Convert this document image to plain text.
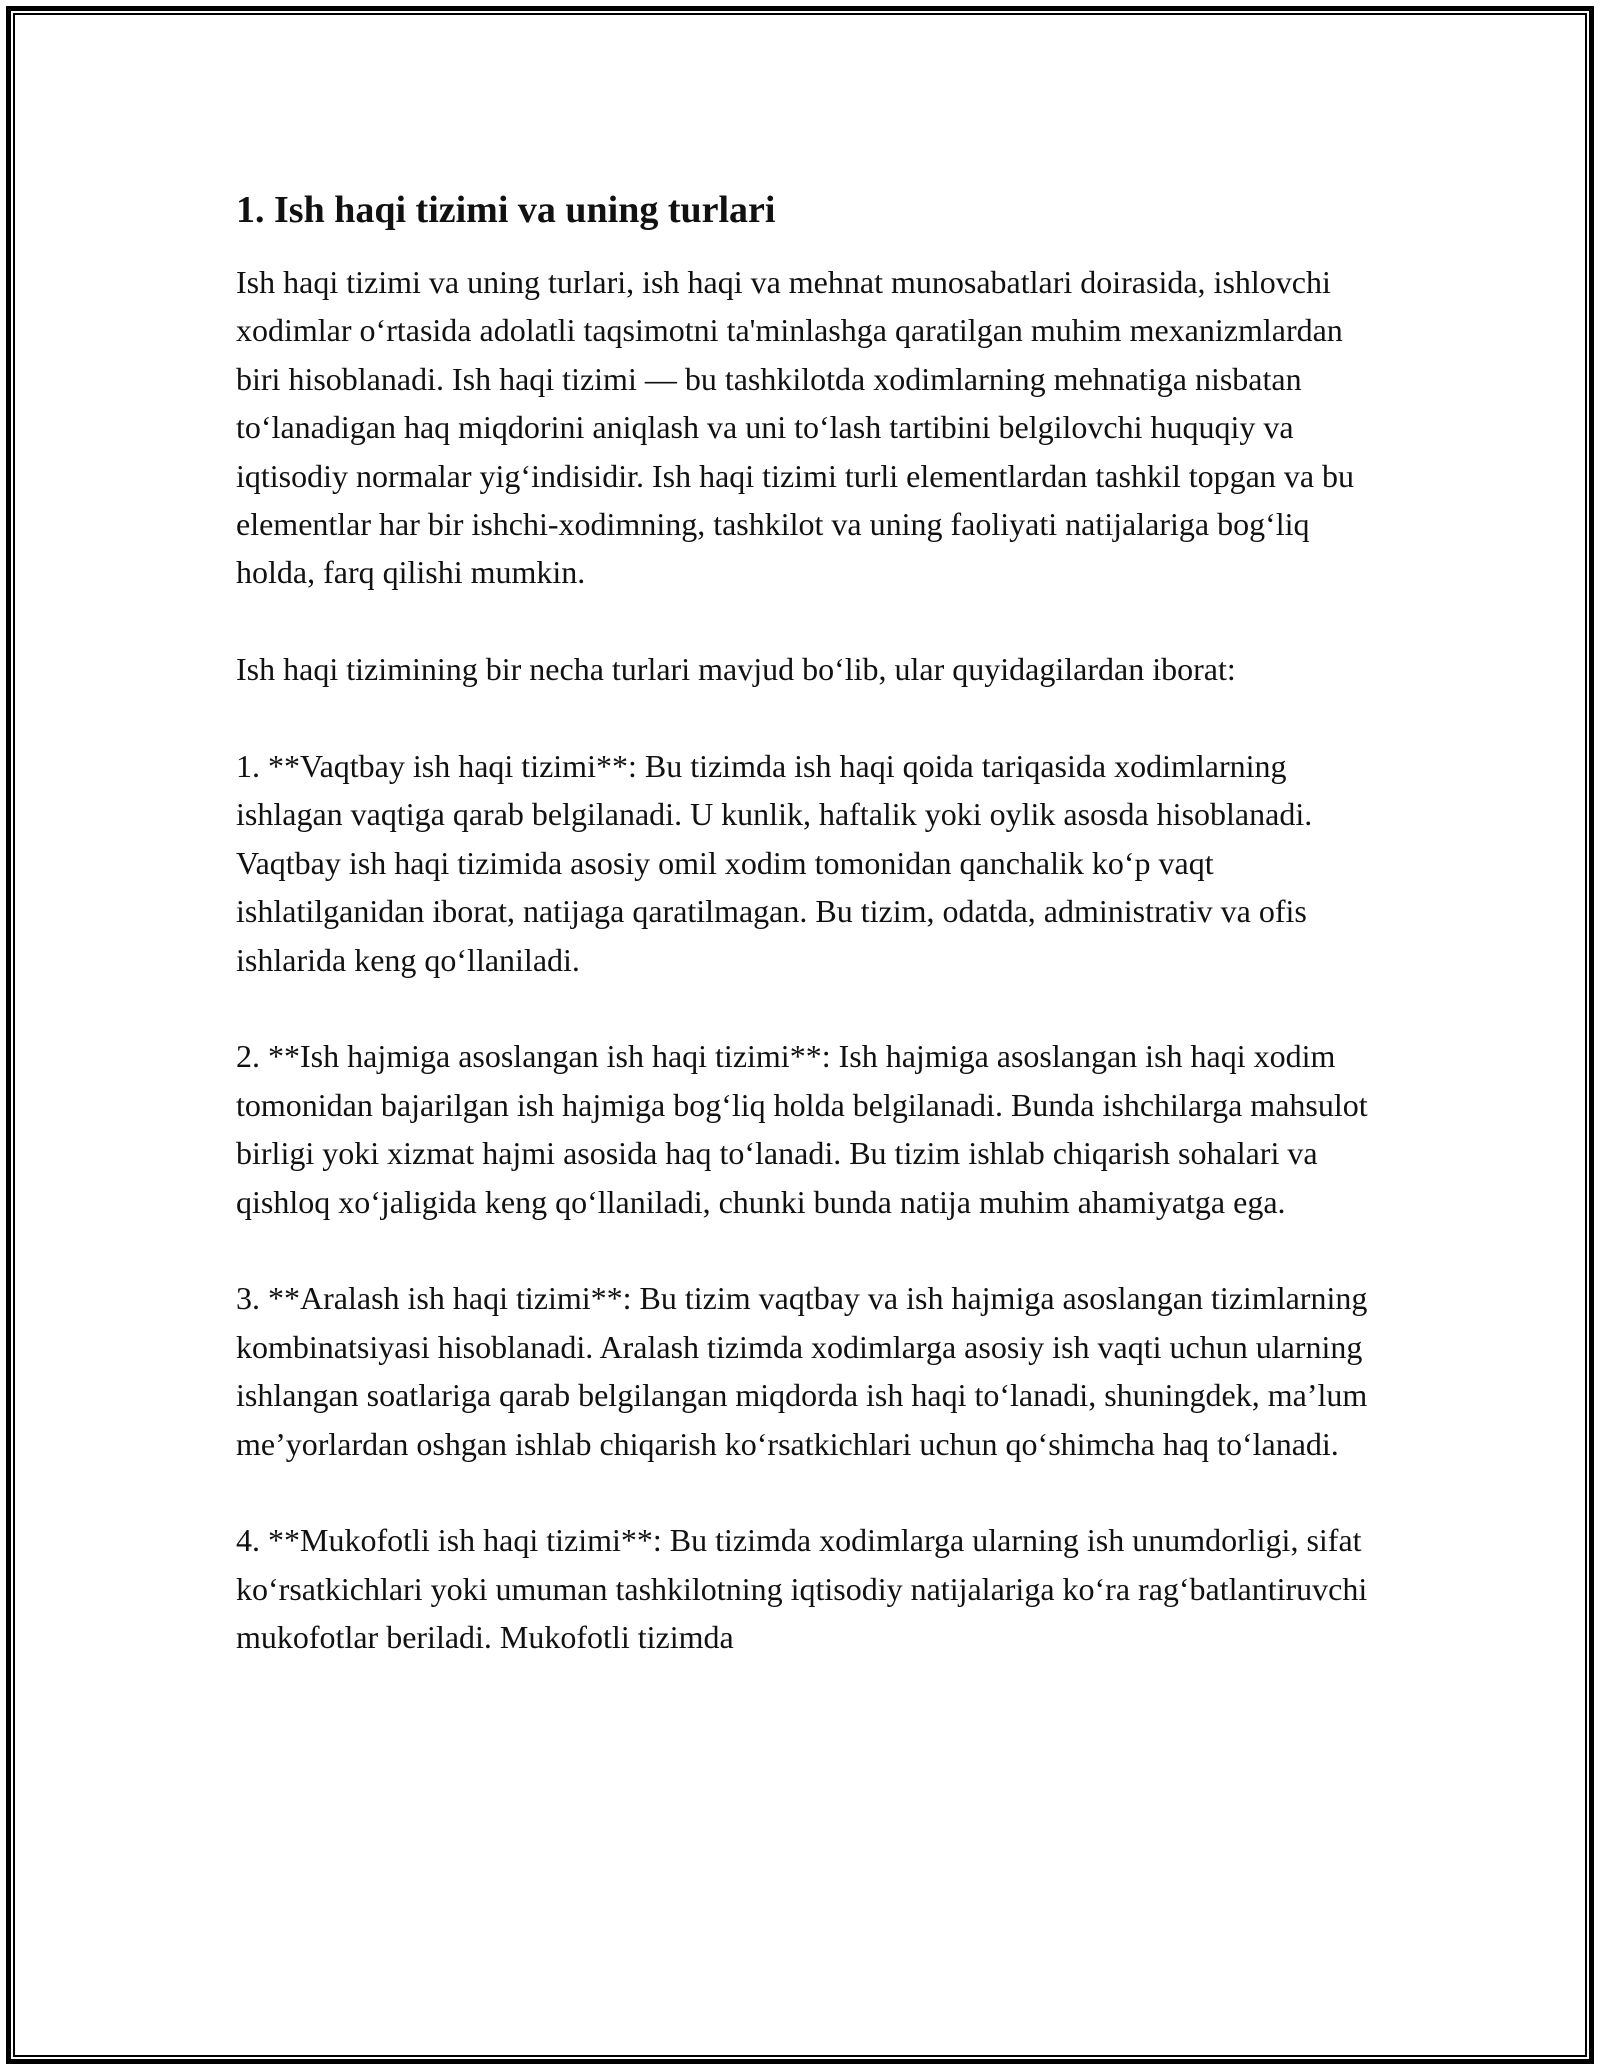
1. Ish haqi tizimi va uning turlari

Ish haqi tizimi va uning turlari, ish haqi va mehnat munosabatlari doirasida, ishlovchi xodimlar o‘rtasida adolatli taqsimotni ta'minlashga qaratilgan muhim mexanizmlardan biri hisoblanadi. Ish haqi tizimi — bu tashkilotda xodimlarning mehnatiga nisbatan to‘lanadigan haq miqdorini aniqlash va uni to‘lash tartibini belgilovchi huquqiy va iqtisodiy normalar yig‘indisidir. Ish haqi tizimi turli elementlardan tashkil topgan va bu elementlar har bir ishchi-xodimning, tashkilot va uning faoliyati natijalariga bog‘liq holda, farq qilishi mumkin.

Ish haqi tizimining bir necha turlari mavjud bo‘lib, ular quyidagilardan iborat:

1. **Vaqtbay ish haqi tizimi**: Bu tizimda ish haqi qoida tariqasida xodimlarning ishlagan vaqtiga qarab belgilanadi. U kunlik, haftalik yoki oylik asosda hisoblanadi. Vaqtbay ish haqi tizimida asosiy omil xodim tomonidan qanchalik ko‘p vaqt ishlatilganidan iborat, natijaga qaratilmagan. Bu tizim, odatda, administrativ va ofis ishlarida keng qo‘llaniladi.

2. **Ish hajmiga asoslangan ish haqi tizimi**: Ish hajmiga asoslangan ish haqi xodim tomonidan bajarilgan ish hajmiga bog‘liq holda belgilanadi. Bunda ishchilarga mahsulot birligi yoki xizmat hajmi asosida haq to‘lanadi. Bu tizim ishlab chiqarish sohalari va qishloq xo‘jaligida keng qo‘llaniladi, chunki bunda natija muhim ahamiyatga ega.

3. **Aralash ish haqi tizimi**: Bu tizim vaqtbay va ish hajmiga asoslangan tizimlarning kombinatsiyasi hisoblanadi. Aralash tizimda xodimlarga asosiy ish vaqti uchun ularning ishlangan soatlariga qarab belgilangan miqdorda ish haqi to‘lanadi, shuningdek, ma’lum me’yorlardan oshgan ishlab chiqarish ko‘rsatkichlari uchun qo‘shimcha haq to‘lanadi.

4. **Mukofotli ish haqi tizimi**: Bu tizimda xodimlarga ularning ish unumdorligi, sifat ko‘rsatkichlari yoki umuman tashkilotning iqtisodiy natijalariga ko‘ra rag‘batlantiruvchi mukofotlar beriladi. Mukofotli tizimda
